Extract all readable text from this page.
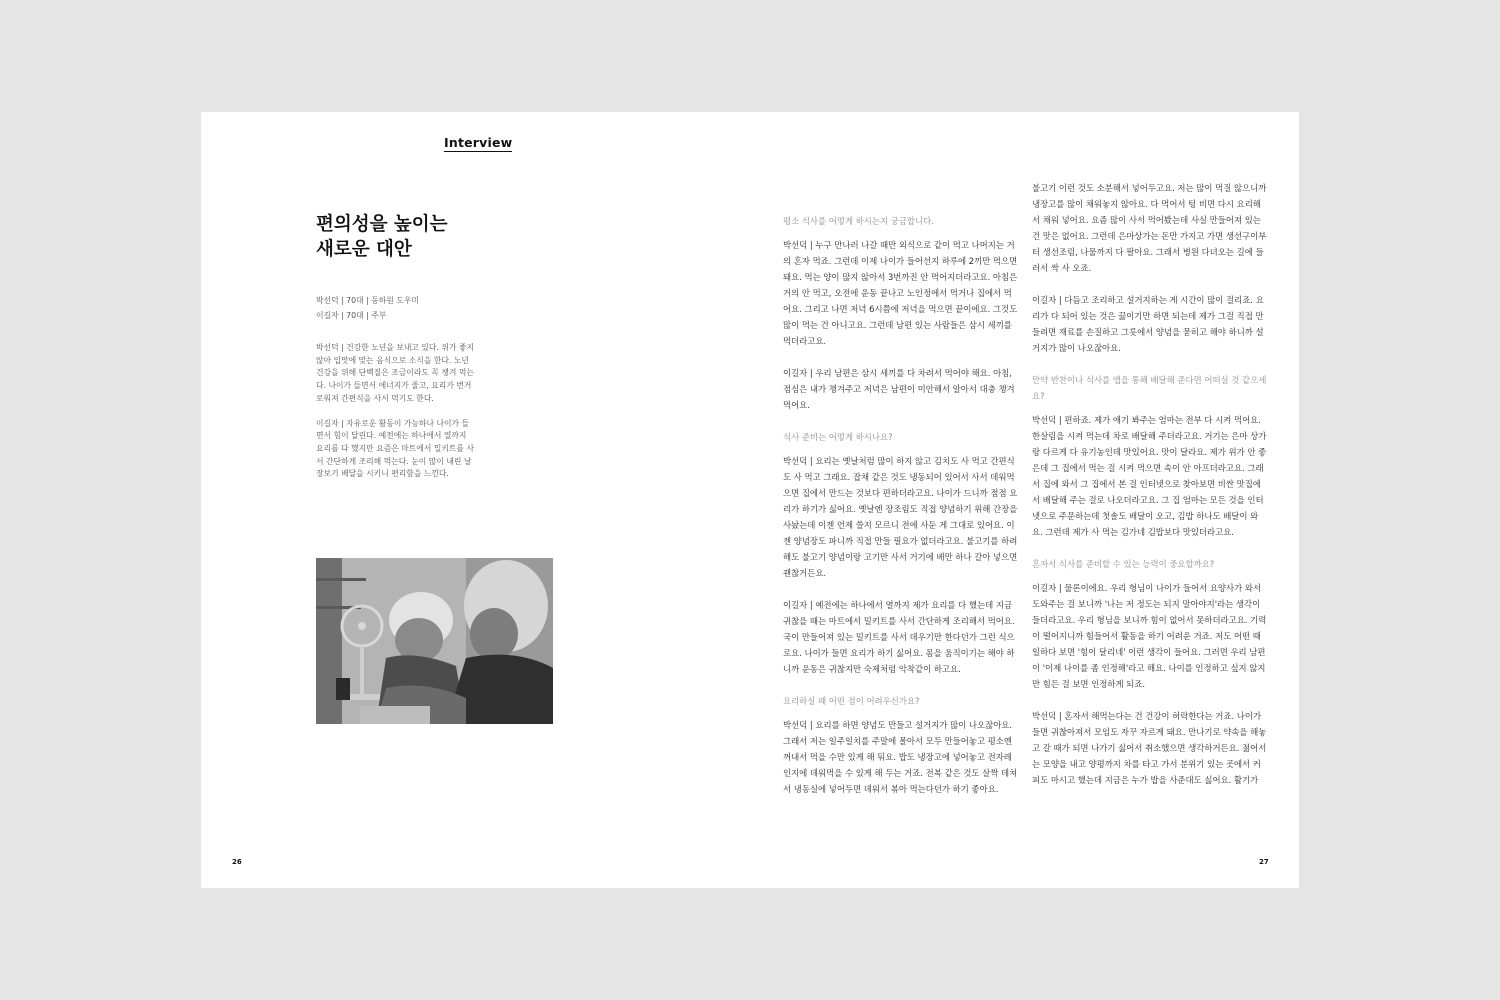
Interview
편의성을 높이는
새로운 대안
박선덕 | 70대 | 동하원 도우미
이길자 | 70대 | 주부

박선덕 | 건강한 노년을 보내고 있다. 위가 좋지 않아 입맛에 맞는 음식으로 소식을 한다. 노년 건강을 위해 단백질은 조금이라도 꼭 챙겨 먹는다. 나이가 들면서 에너지가 줄고, 요리가 번거로워져 간편식을 사서 먹기도 한다.

이길자 | 자유로운 활동이 가능하나 나이가 들면서 힘이 달린다. 예전에는 하나에서 열까지 요리를 다 했지만 요즘은 마트에서 밀키트를 사서 간단하게 조리해 먹는다. 눈이 많이 내린 날 장보기 배달을 시키니 편리함을 느낀다.

평소 식사를 어떻게 하시는지 궁금합니다.

박선덕 | 누구 만나러 나갈 때만 외식으로 같이 먹고 나머지는 거의 혼자 먹죠. 그런데 이제 나이가 들어선지 하루에 2끼만 먹으면 돼요. 먹는 양이 많지 않아서 3번까진 안 먹어지더라고요. 아침은 거의 안 먹고, 오전에 운동 끝나고 노인정에서 먹거나 집에서 먹어요. 그리고 나면 저녁 6시쯤에 저녁을 먹으면 끝이에요. 그것도 많이 먹는 건 아니고요. 그런데 남편 있는 사람들은 삼시 세끼를 먹더라고요.

이길자 | 우리 남편은 삼시 세끼를 다 차려서 먹어야 해요. 아침, 점심은 내가 챙겨주고 저녁은 남편이 미안해서 알아서 대충 챙겨 먹어요.

식사 준비는 어떻게 하시나요?

박선덕 | 요리는 옛날처럼 많이 하지 않고 김치도 사 먹고 간편식도 사 먹고 그래요. 잡채 같은 것도 냉동되어 있어서 사서 데워먹으면 집에서 만드는 것보다 편하더라고요. 나이가 드니까 점점 요리가 하기가 싫어요. 옛날엔 장조림도 직접 양념하기 위해 간장을 사놨는데 이젠 언제 쓸지 모르니 전에 사둔 게 그대로 있어요. 이젠 양념장도 파니까 직접 만들 필요가 없더라고요. 불고기를 하려 해도 불고기 양념이랑 고기만 사서 거기에 배만 하나 갈아 넣으면 괜찮거든요.

이길자 | 예전에는 하나에서 열까지 제가 요리를 다 했는데 지금 귀찮을 때는 마트에서 밀키트를 사서 간단하게 조리해서 먹어요. 국이 만들어져 있는 밀키트를 사서 데우기만 한다던가 그런 식으로요. 나이가 들면 요리가 하기 싫어요. 몸을 움직이기는 해야 하니까 운동은 귀찮지만 숙제처럼 악착같이 하고요.

요리하실 때 어떤 점이 어려우신가요?

박선덕 | 요리를 하면 양념도 만들고 설거지가 많이 나오잖아요. 그래서 저는 일주일치를 주말에 몰아서 모두 만들어놓고 평소엔 꺼내서 먹을 수만 있게 해 둬요. 밥도 냉장고에 넣어놓고 전자레인지에 데워먹을 수 있게 해 두는 거죠. 전복 같은 것도 살짝 데쳐서 냉동실에 넣어두면 데워서 볶아 먹는다던가 하기 좋아요.

불고기 이런 것도 소분해서 넣어두고요. 저는 많이 먹질 않으니까 냉장고를 많이 채워놓지 않아요. 다 먹어서 텅 비면 다시 요리해서 채워 넣어요. 요즘 많이 사서 먹어봤는데 사실 만들어져 있는 건 맛은 없어요. 그런데 은마상가는 돈만 가지고 가면 생선구이부터 생선조림, 나물까지 다 팔아요. 그래서 병원 다녀오는 길에 들러서 싹 사 오죠.

이길자 | 다듬고 조리하고 설거지하는 게 시간이 많이 걸리죠. 요리가 다 되어 있는 것은 끓이기만 하면 되는데 제가 그걸 직접 만들려면 재료를 손질하고 그릇에서 양념을 묻히고 해야 하니까 설거지가 많이 나오잖아요.

만약 반찬이나 식사를 앱을 통해 배달해 준다면 어떠실 것 같으세요?

박선덕 | 편하죠. 제가 애기 봐주는 엄마는 전부 다 시켜 먹어요. 한살림을 시켜 먹는데 차로 배달해 주더라고요. 거기는 은마 상가랑 다르게 다 유기농인데 맛있어요. 맛이 달라요. 제가 위가 안 좋은데 그 집에서 먹는 걸 시켜 먹으면 속이 안 아프더라고요. 그래서 집에 와서 그 집에서 본 걸 인터넷으로 찾아보면 비싼 맛집에서 배달해 주는 걸로 나오더라고요. 그 집 엄마는 모든 것을 인터넷으로 주문하는데 첫솔도 배달이 오고, 김밥 하나도 배달이 와요. 그런데 제가 사 먹는 김가네 김밥보다 맛있더라고요.

혼자서 식사를 준비할 수 있는 능력이 중요할까요?

이길자 | 물론이에요. 우리 형님이 나이가 들어서 요양사가 와서 도와주는 걸 보니까 '나는 저 정도는 되지 말아야지'라는 생각이 들더라고요. 우리 형님을 보니까 힘이 없어서 못하더라고요. 기력이 떨어지니까 힘들어서 활동을 하기 어려운 거죠. 저도 어떤 때 일하다 보면 '힘이 달리네' 이런 생각이 들어요. 그러면 우리 남편이 '이제 나이를 좀 인정해'라고 해요. 나이를 인정하고 싶지 않지만 힘든 걸 보면 인정하게 되죠.

박선덕 | 혼자서 해먹는다는 건 건강이 허락한다는 거죠. 나이가 들면 귀찮아져서 모임도 자꾸 자르게 돼요. 만나기로 약속을 해놓고 갈 때가 되면 나가기 싫어서 취소했으면 생각하거든요. 젊어서는 모양을 내고 양평까지 차를 타고 가서 분위기 있는 곳에서 커피도 마시고 했는데 지금은 누가 밥을 사준대도 싫어요. 활기가

26	27
